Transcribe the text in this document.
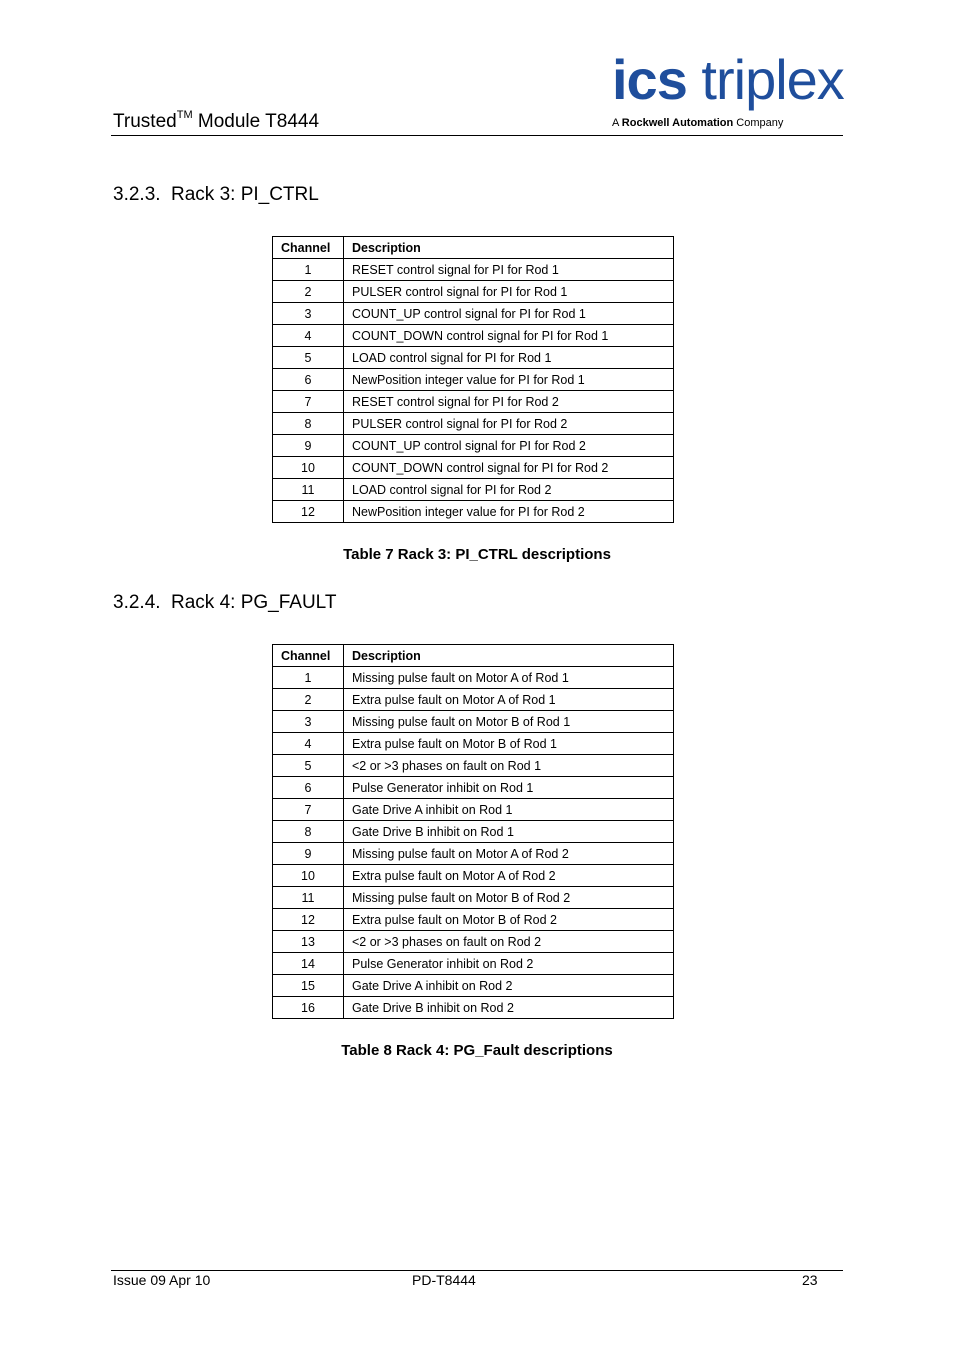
Trusted™ Module T8444
ics triplex
A Rockwell Automation Company
3.2.3. Rack 3: PI_CTRL
Channel	Description
1	RESET control signal for PI for Rod 1
2	PULSER control signal for PI for Rod 1
3	COUNT_UP control signal for PI for Rod 1
4	COUNT_DOWN control signal for PI for Rod 1
5	LOAD control signal for PI for Rod 1
6	NewPosition integer value for PI for Rod 1
7	RESET control signal for PI for Rod 2
8	PULSER control signal for PI for Rod 2
9	COUNT_UP control signal for PI for Rod 2
10	COUNT_DOWN control signal for PI for Rod 2
11	LOAD control signal for PI for Rod 2
12	NewPosition integer value for PI for Rod 2
Table 7 Rack 3: PI_CTRL descriptions
3.2.4. Rack 4: PG_FAULT
Channel	Description
1	Missing pulse fault on Motor A of Rod 1
2	Extra pulse fault on Motor A of Rod 1
3	Missing pulse fault on Motor B of Rod 1
4	Extra pulse fault on Motor B of Rod 1
5	<2 or >3 phases on fault on Rod 1
6	Pulse Generator inhibit on Rod 1
7	Gate Drive A inhibit on Rod 1
8	Gate Drive B inhibit on Rod 1
9	Missing pulse fault on Motor A of Rod 2
10	Extra pulse fault on Motor A of Rod 2
11	Missing pulse fault on Motor B of Rod 2
12	Extra pulse fault on Motor B of Rod 2
13	<2 or >3 phases on fault on Rod 2
14	Pulse Generator inhibit on Rod 2
15	Gate Drive A inhibit on Rod 2
16	Gate Drive B inhibit on Rod 2
Table 8 Rack 4: PG_Fault descriptions
Issue 09 Apr 10	PD-T8444	23
